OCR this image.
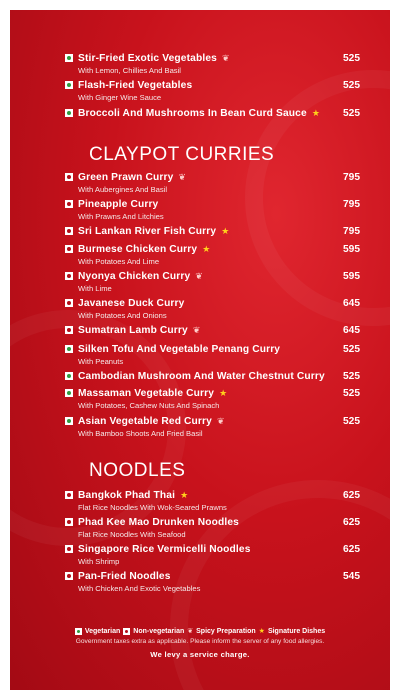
Stir-Fried Exotic Vegetables ❦
With Lemon, Chillies And Basil
525
Flash-Fried Vegetables
With Ginger Wine Sauce
525
Broccoli And Mushrooms In Bean Curd Sauce ★ 525
CLAYPOT CURRIES
Green Prawn Curry ❦
With Aubergines And Basil
795
Pineapple Curry
With Prawns And Litchies
795
Sri Lankan River Fish Curry ★	795
Burmese Chicken Curry ★
With Potatoes And Lime
595
Nyonya Chicken Curry ❦
With Lime
595
Javanese Duck Curry
With Potatoes And Onions
645
Sumatran Lamb Curry ❦	645
Silken Tofu And Vegetable Penang Curry
With Peanuts
525
Cambodian Mushroom And Water Chestnut Curry 525
Massaman Vegetable Curry ★
With Potatoes, Cashew Nuts And Spinach
525
Asian Vegetable Red Curry ❦
With Bamboo Shoots And Fried Basil
525
NOODLES
Bangkok Phad Thai ★
Flat Rice Noodles With Wok-Seared Prawns
625
Phad Kee Mao Drunken Noodles
Flat Rice Noodles With Seafood
625
Singapore Rice Vermicelli Noodles
With Shrimp
625
Pan-Fried Noodles
With Chicken And Exotic Vegetables
545
Vegetarian Non-vegetarian ❦ Spicy Preparation ★ Signature Dishes
Government taxes extra as applicable. Please inform the server of any food allergies.
We levy a service charge.
